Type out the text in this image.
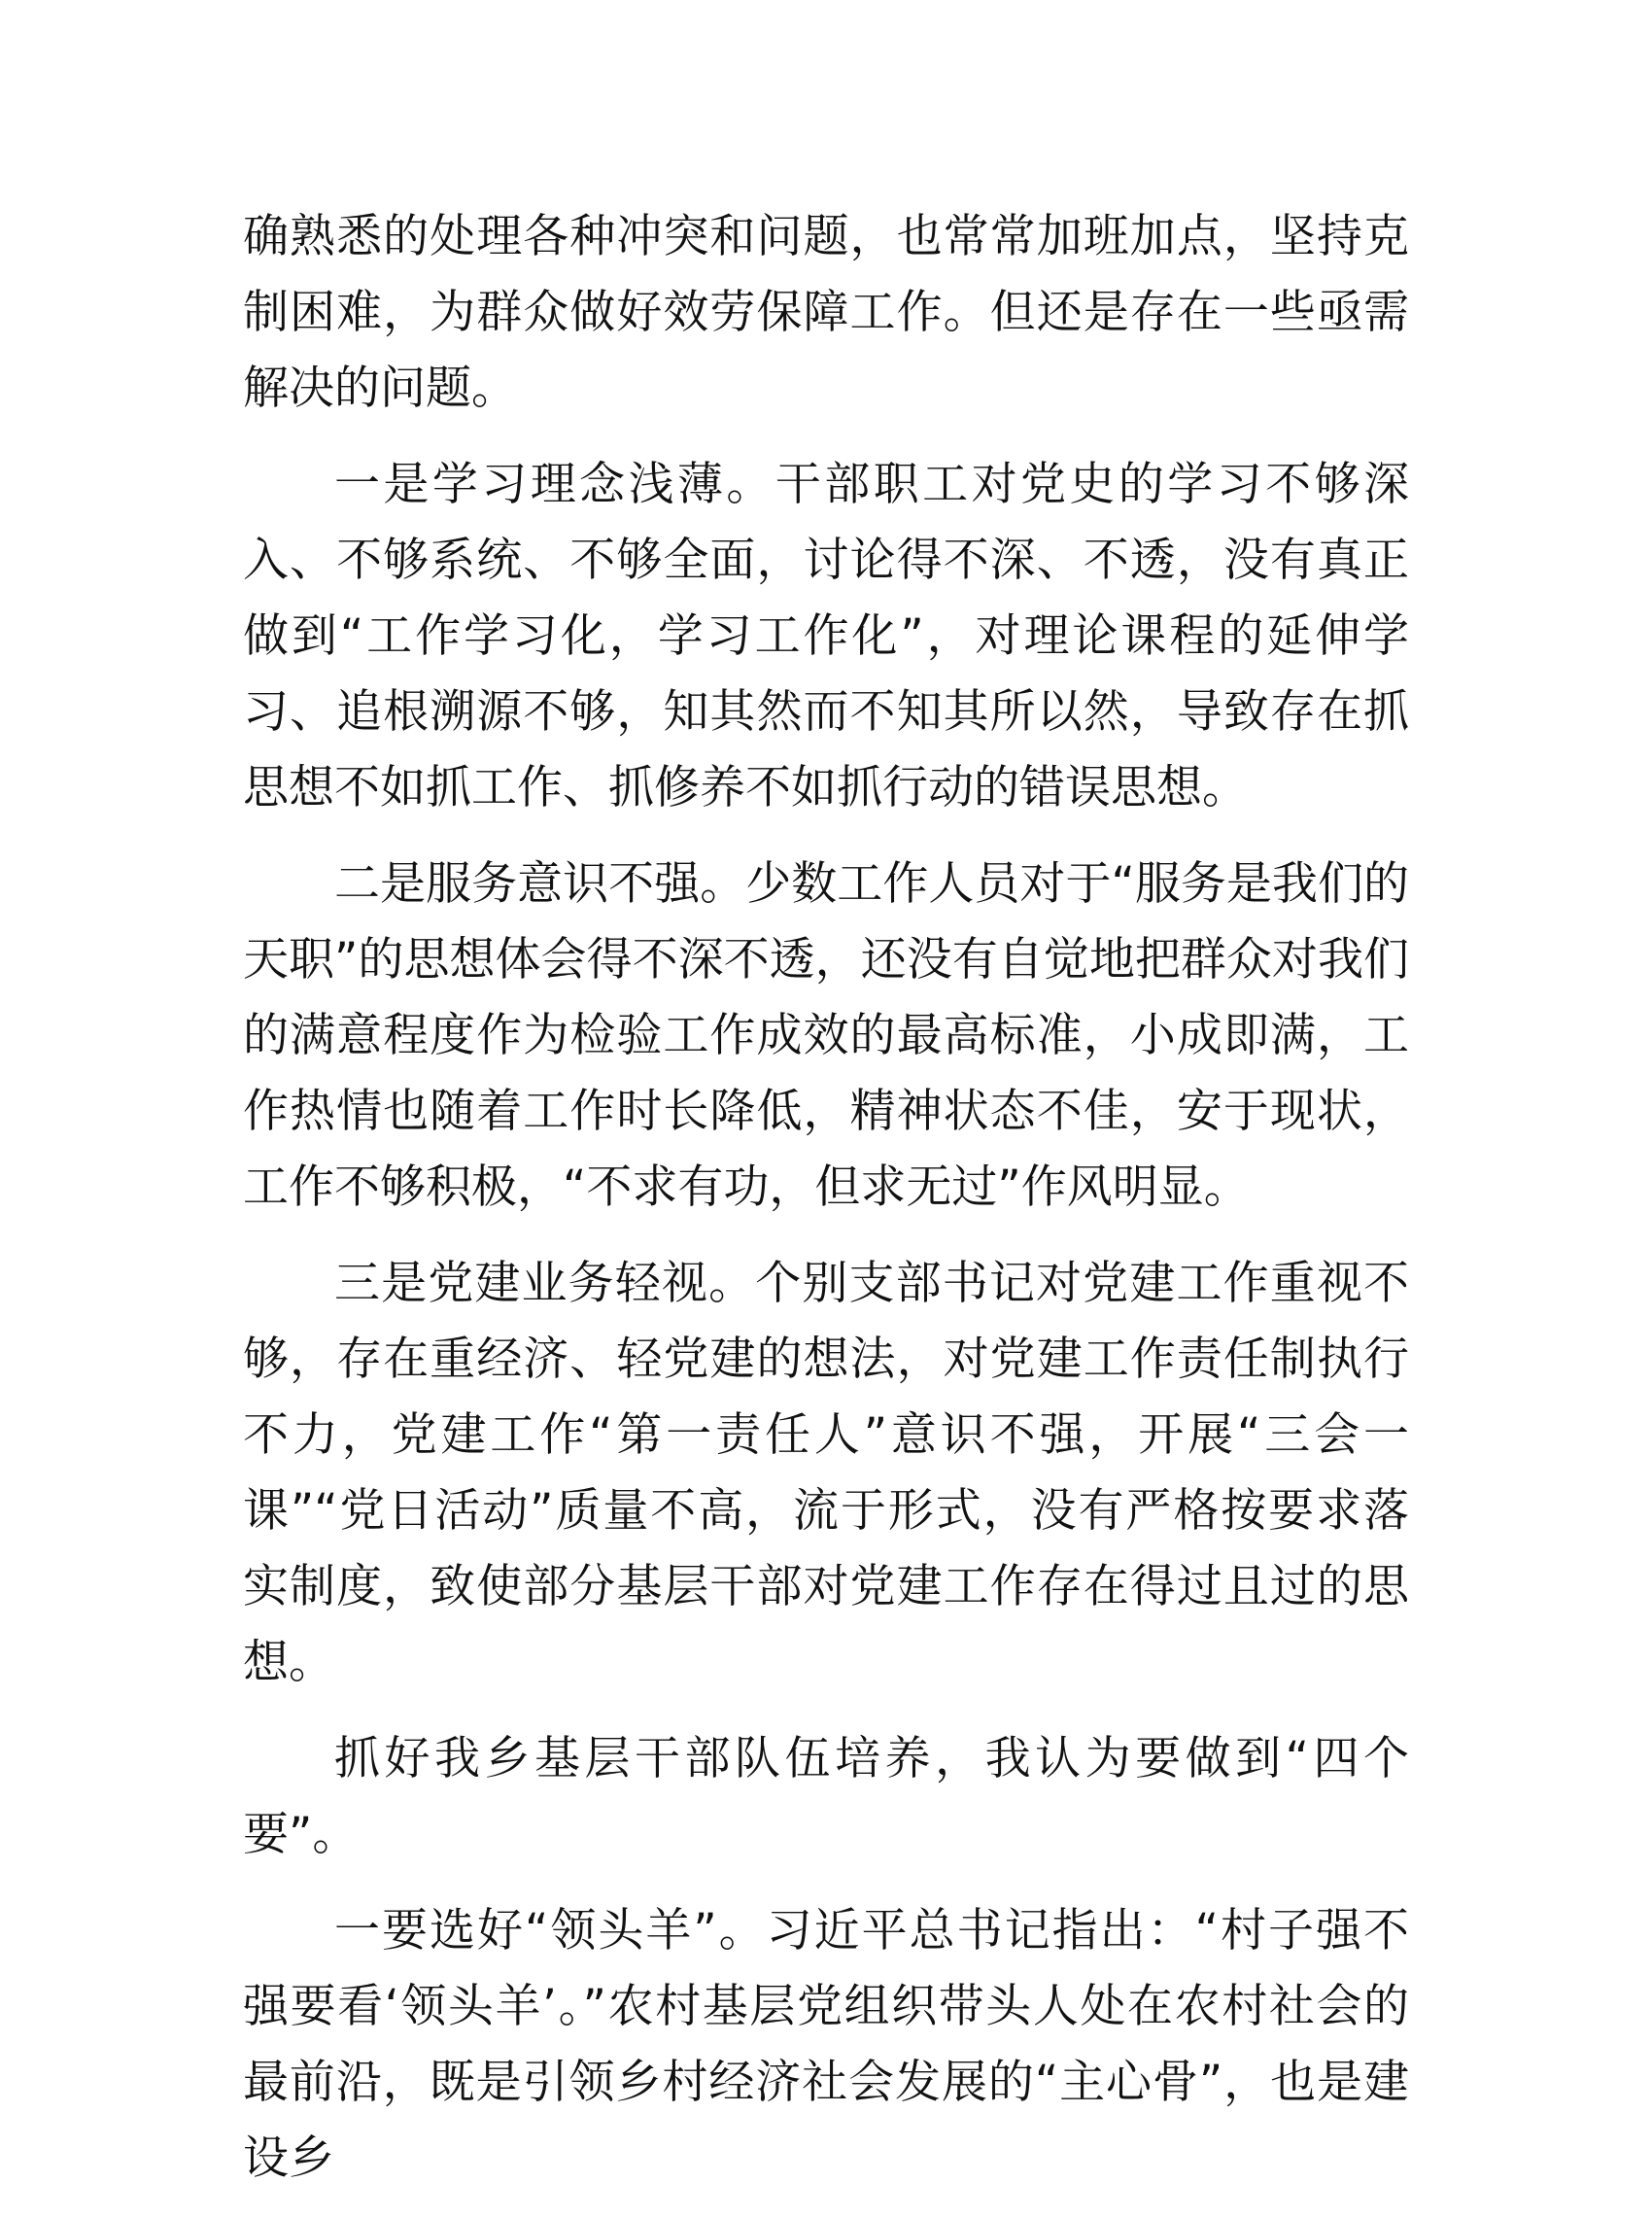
确熟悉的处理各种冲突和问题，也常常加班加点，坚持克制困难，为群众做好效劳保障工作。但还是存在一些亟需解决的问题。

一是学习理念浅薄。干部职工对党史的学习不够深入、不够系统、不够全面，讨论得不深、不透，没有真正做到“工作学习化，学习工作化”，对理论课程的延伸学习、追根溯源不够，知其然而不知其所以然，导致存在抓思想不如抓工作、抓修养不如抓行动的错误思想。

二是服务意识不强。少数工作人员对于“服务是我们的天职”的思想体会得不深不透，还没有自觉地把群众对我们的满意程度作为检验工作成效的最高标准，小成即满，工作热情也随着工作时长降低，精神状态不佳，安于现状，工作不够积极，“不求有功，但求无过”作风明显。

三是党建业务轻视。个别支部书记对党建工作重视不够，存在重经济、轻党建的想法，对党建工作责任制执行不力，党建工作“第一责任人”意识不强，开展“三会一课”“党日活动”质量不高，流于形式，没有严格按要求落实制度，致使部分基层干部对党建工作存在得过且过的思想。

抓好我乡基层干部队伍培养，我认为要做到“四个要”。

一要选好“领头羊”。习近平总书记指出：“村子强不强要看‘领头羊’。”农村基层党组织带头人处在农村社会的最前沿，既是引领乡村经济社会发展的“主心骨”，也是建设乡
